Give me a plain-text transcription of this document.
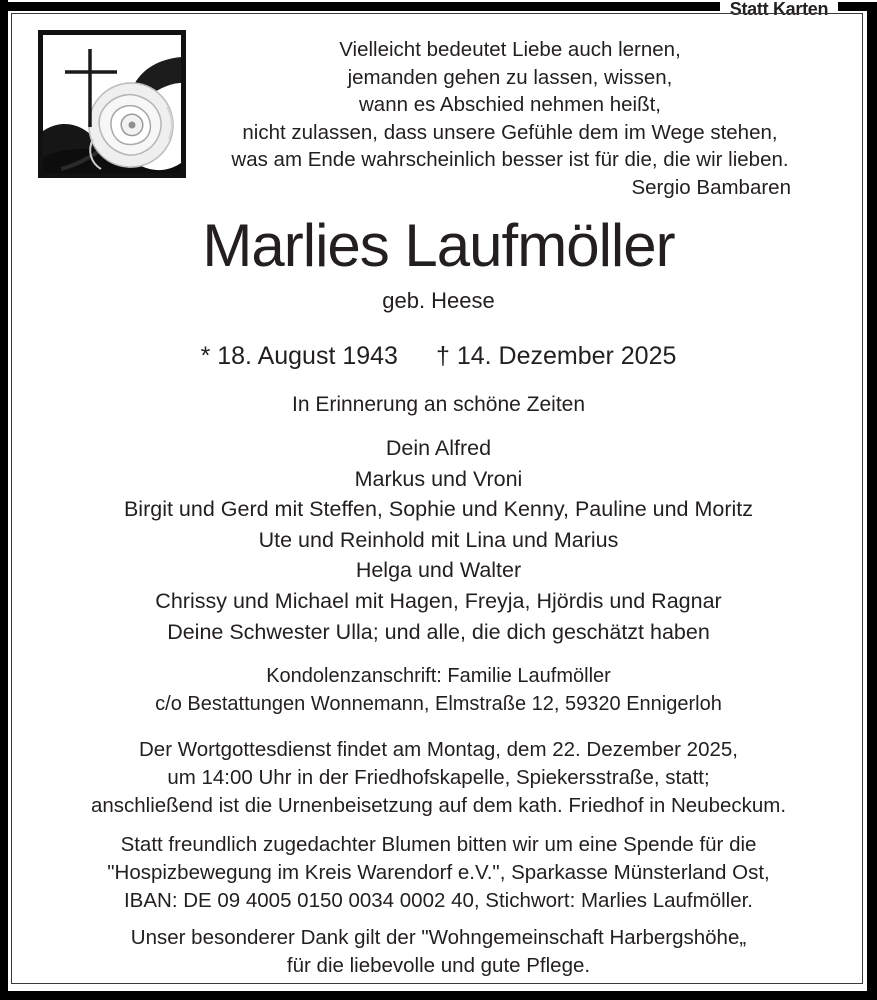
Statt Karten
Vielleicht bedeutet Liebe auch lernen,
jemanden gehen zu lassen, wissen,
wann es Abschied nehmen heißt,
nicht zulassen, dass unsere Gefühle dem im Wege stehen,
was am Ende wahrscheinlich besser ist für die, die wir lieben.
Sergio Bambaren
Marlies Laufmöller
geb. Heese
* 18. August 1943 † 14. Dezember 2025
In Erinnerung an schöne Zeiten
Dein Alfred
Markus und Vroni
Birgit und Gerd mit Steffen, Sophie und Kenny, Pauline und Moritz
Ute und Reinhold mit Lina und Marius
Helga und Walter
Chrissy und Michael mit Hagen, Freyja, Hjördis und Ragnar
Deine Schwester Ulla; und alle, die dich geschätzt haben
Kondolenzanschrift: Familie Laufmöller
c/o Bestattungen Wonnemann, Elmstraße 12, 59320 Ennigerloh
Der Wortgottesdienst findet am Montag, dem 22. Dezember 2025,
um 14:00 Uhr in der Friedhofskapelle, Spiekersstraße, statt;
anschließend ist die Urnenbeisetzung auf dem kath. Friedhof in Neubeckum.
Statt freundlich zugedachter Blumen bitten wir um eine Spende für die
"Hospizbewegung im Kreis Warendorf e.V.", Sparkasse Münsterland Ost,
IBAN: DE 09 4005 0150 0034 0002 40, Stichwort: Marlies Laufmöller.
Unser besonderer Dank gilt der "Wohngemeinschaft Harbergshöhe„
für die liebevolle und gute Pflege.
